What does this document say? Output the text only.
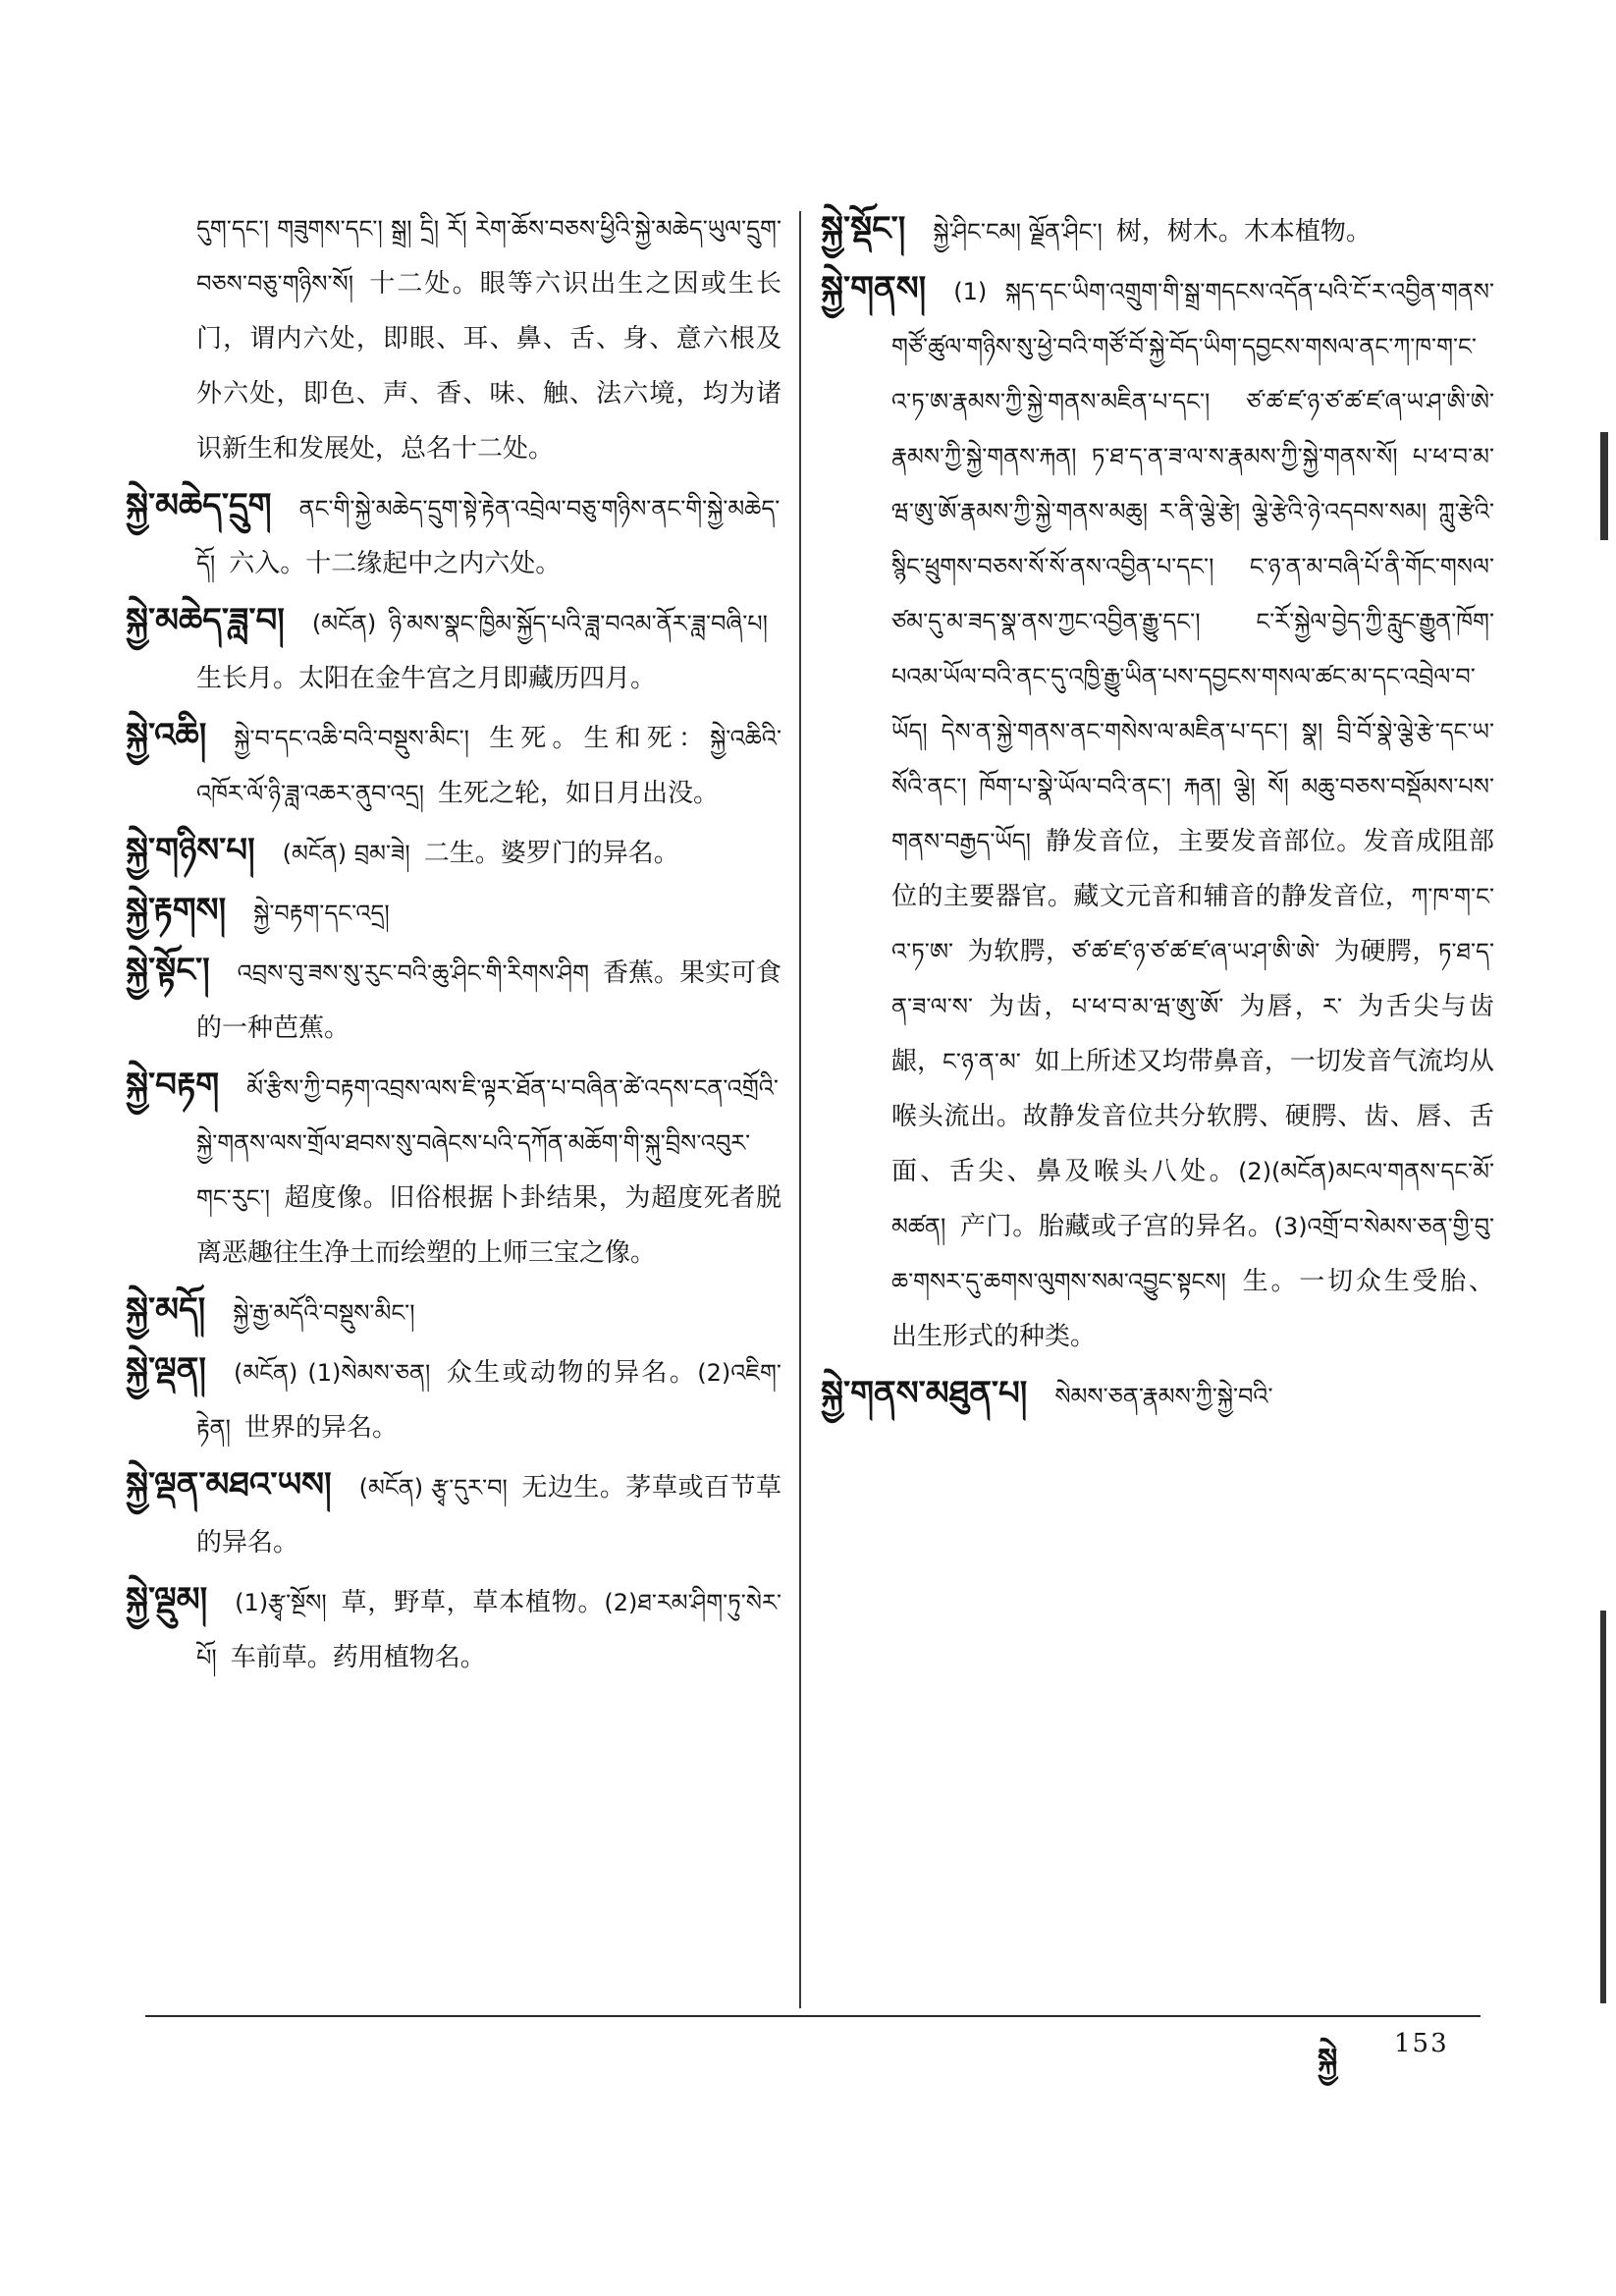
དུག་དང་། གཟུགས་དང་། སྒྲ། དྲི། རོ། རེག་ཆོས་བཅས་ཕྱིའི་སྐྱེ་མཆེད་ཡུལ་དྲུག་བཅས་བཅུ་གཉིས་སོ། 十二处。眼等六识出生之因或生长门，谓内六处，即眼、耳、鼻、舌、身、意六根及外六处，即色、声、香、味、触、法六境，均为诸识新生和发展处，总名十二处。

སྐྱེ་མཆེད་དྲུག ནང་གི་སྐྱེ་མཆེད་དྲུག་སྟེ་རྟེན་འབྲེལ་བཅུ་གཉིས་ནང་གི་སྐྱེ་མཆེད་དོ། 六入。十二缘起中之内六处。

སྐྱེ་མཆེད་ཟླ་བ། (མངོན) ཉི་མས་སྣང་ཁྱིམ་སྐྱོད་པའི་ཟླ་བའམ་ནོར་ཟླ་བཞི་པ།生长月。太阳在金牛宫之月即藏历四月。

སྐྱེ་འཆི། སྐྱེ་བ་དང་འཆི་བའི་བསྡུས་མིང་། 生死。生和死：སྐྱེ་འཆིའི་འཁོར་ལོ་ཉི་ཟླ་འཆར་ནུབ་འདྲ། 生死之轮，如日月出没。

སྐྱེ་གཉིས་པ། (མངོན) བྲམ་ཟེ། 二生。婆罗门的异名。

སྐྱེ་རྟགས། སྐྱེ་བརྟག་དང་འདྲ།

སྐྱེ་སྟོང་། འབྲས་བུ་ཟས་སུ་རུང་བའི་ཆུ་ཤིང་གི་རིགས་ཤིག 香蕉。果实可食的一种芭蕉。

སྐྱེ་བརྟག མོ་རྩིས་ཀྱི་བརྟག་འབྲས་ལས་ཇི་ལྟར་ཐོན་པ་བཞིན་ཚེ་འདས་ངན་འགྲོའི་སྐྱེ་གནས་ལས་གྲོལ་ཐབས་སུ་བཞེངས་པའི་དཀོན་མཆོག་གི་སྐུ་བྲིས་འབུར་གང་རུང་། 超度像。旧俗根据卜卦结果，为超度死者脱离恶趣往生净土而绘塑的上师三宝之像。

སྐྱེ་མདོ། སྐྱེ་རྒྱ་མདོའི་བསྡུས་མིང་།

སྐྱེ་ལྡན། (མངོན) (1)སེམས་ཅན། 众生或动物的异名。(2)འཇིག་རྟེན། 世界的异名。

སྐྱེ་ལྡན་མཐའ་ཡས། (མངོན) རྩྭ་དུར་བ། 无边生。茅草或百节草的异名。

སྐྱེ་ལྡུམ། (1)རྩྭ་སྔོས། 草，野草，草本植物。(2)ཐ་རམ་ཤིག་ཏུ་སེར་པོ། 车前草。药用植物名。

སྐྱེ་སྡོང་། སྐྱེ་ཤིང་ངམ། ལྗོན་ཤིང་། 树，树木。木本植物。

སྐྱེ་གནས། (1) སྐད་དང་ཡིག་འགྲུག་གི་སྒྲ་གདངས་འདོན་པའི་ངོ་ར་འབྱིན་གནས་གཙོ་ཚུལ་གཉིས་སུ་ཕྱེ་བའི་གཙོ་བོ་སྐྱེ་བོད་ཡིག་དབྱངས་གསལ་ནང་ཀ་ཁ་ག་ང་འ་ཏ་ཨ་རྣམས་ཀྱི་སྐྱེ་གནས་མཇིན་པ་དང་། ཙ་ཚ་ཛ་ཉ་ཙ་ཚ་ཛ་ཞ་ཡ་ཤ་ཨི་ཨེ་རྣམས་ཀྱི་སྐྱེ་གནས་རྐན། ཏ་ཐ་ད་ན་ཟ་ལ་ས་རྣམས་ཀྱི་སྐྱེ་གནས་སོ། པ་ཕ་བ་མ་ཝ་ཨུ་ཨོ་རྣམས་ཀྱི་སྐྱེ་གནས་མཆུ། ར་ནི་ལྕེ་རྩེ། ལྕེ་རྩེའི་ཉེ་འདབས་སམ། ཀླུ་རྩེའི་སྙིང་ཕྲུགས་བཅས་སོ་སོ་ནས་འབྱིན་པ་དང་། ང་ཉ་ན་མ་བཞི་པོ་ནི་གོང་གསལ་ཙམ་དུ་མ་ཟད་སྣ་ནས་ཀྱང་འབྱིན་རྒྱུ་དང་། ང་རོ་སྐྱེལ་བྱེད་ཀྱི་རླུང་རྒྱུན་ཁོག་པའམ་ཡོལ་བའི་ནང་དུ་འཁྱི་རྒྱུ་ཡིན་པས་དབྱངས་གསལ་ཚང་མ་དང་འབྲེལ་བ་ཡོད། དེས་ན་སྐྱེ་གནས་ནང་གསེས་ལ་མཇིན་པ་དང་། སྣ། བྲི་བོ་སྣེ་ལྕེ་རྩེ་དང་ཡ་སོའི་ནང་། ཁོག་པ་སྣེ་ཡོལ་བའི་ནང་། རྐན། ལྕེ། སོ། མཆུ་བཅས་བསྡོམས་པས་གནས་བརྒྱད་ཡོད། 静发音位，主要发音部位。发音成阻部位的主要器官。藏文元音和辅音的静发音位，ཀ་ཁ་ག་ང་འ་ཏ་ཨ་ 为软腭，ཙ་ཚ་ཛ་ཉ་ཙ་ཚ་ཛ་ཞ་ཡ་ཤ་ཨི་ཨེ་ 为硬腭，ཏ་ཐ་ད་ན་ཟ་ལ་ས་ 为齿，པ་ཕ་བ་མ་ཝ་ཨུ་ཨོ་ 为唇，ར་ 为舌尖与齿龈，ང་ཉ་ན་མ་ 如上所述又均带鼻音，一切发音气流均从喉头流出。故静发音位共分软腭、硬腭、齿、唇、舌面、舌尖、鼻及喉头八处。(2)(མངོན)མངལ་གནས་དང་མོ་མཚན། 产门。胎藏或子宫的异名。(3)འགྲོ་བ་སེམས་ཅན་གྱི་བུ་ཆ་གསར་དུ་ཆགས་ལུགས་སམ་འབྱུང་སྟངས། 生。一切众生受胎、出生形式的种类。

སྐྱེ་གནས་མཐུན་པ། སེམས་ཅན་རྣམས་ཀྱི་སྐྱེ་བའི་

སྐྱེ 153
